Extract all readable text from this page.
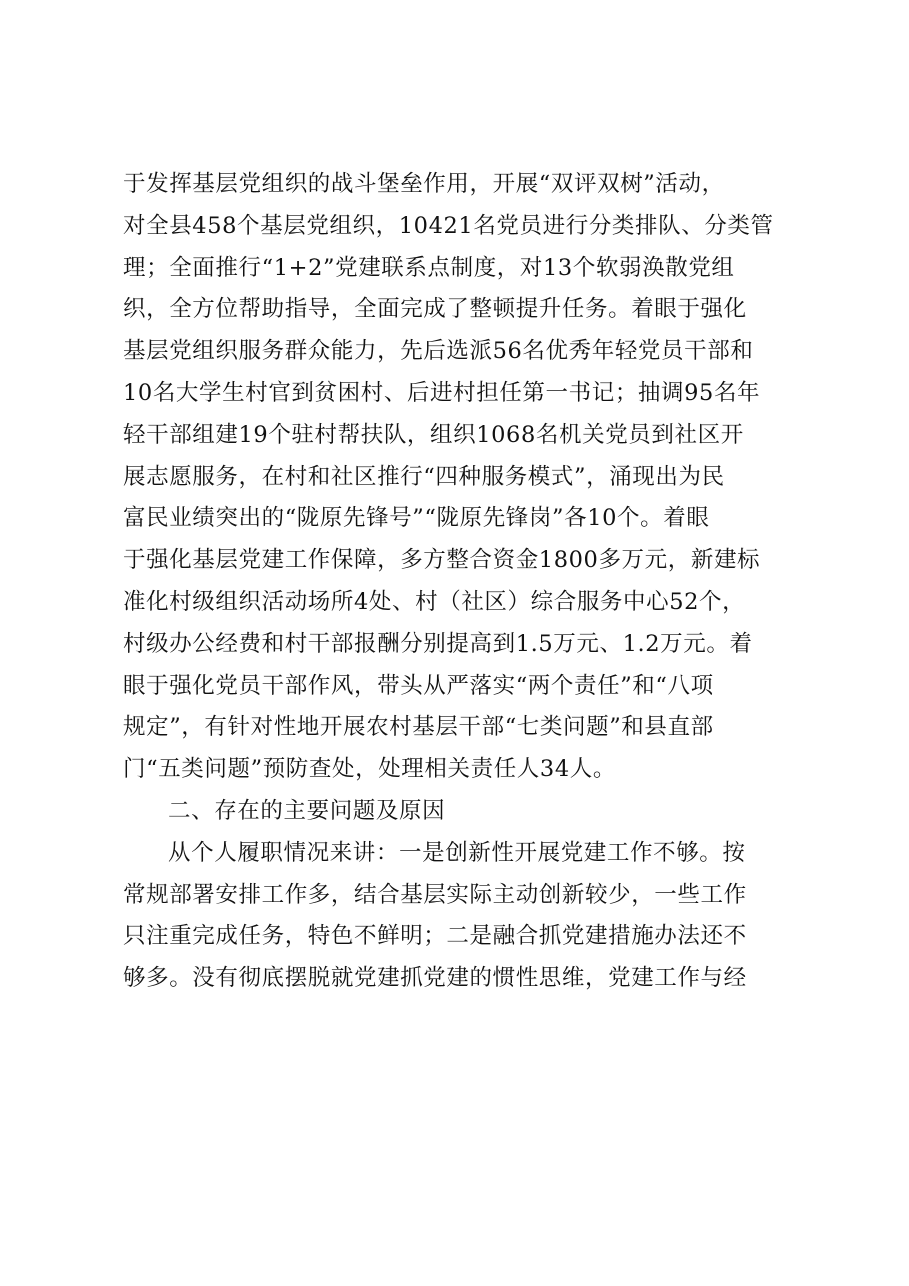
于发挥基层党组织的战斗堡垒作用，开展“双评双树”活动，
对全县458个基层党组织，10421名党员进行分类排队、分类管
理；全面推行“1+2”党建联系点制度，对13个软弱涣散党组
织，全方位帮助指导，全面完成了整顿提升任务。着眼于强化
基层党组织服务群众能力，先后选派56名优秀年轻党员干部和
10名大学生村官到贫困村、后进村担任第一书记；抽调95名年
轻干部组建19个驻村帮扶队，组织1068名机关党员到社区开
展志愿服务，在村和社区推行“四种服务模式”，涌现出为民
富民业绩突出的“陇原先锋号”“陇原先锋岗”各10个。着眼
于强化基层党建工作保障，多方整合资金1800多万元，新建标
准化村级组织活动场所4处、村（社区）综合服务中心52个，
村级办公经费和村干部报酬分别提高到1.5万元、1.2万元。着
眼于强化党员干部作风，带头从严落实“两个责任”和“八项
规定”，有针对性地开展农村基层干部“七类问题”和县直部
门“五类问题”预防查处，处理相关责任人34人。
二、存在的主要问题及原因
从个人履职情况来讲：一是创新性开展党建工作不够。按
常规部署安排工作多，结合基层实际主动创新较少，一些工作
只注重完成任务，特色不鲜明；二是融合抓党建措施办法还不
够多。没有彻底摆脱就党建抓党建的惯性思维，党建工作与经
